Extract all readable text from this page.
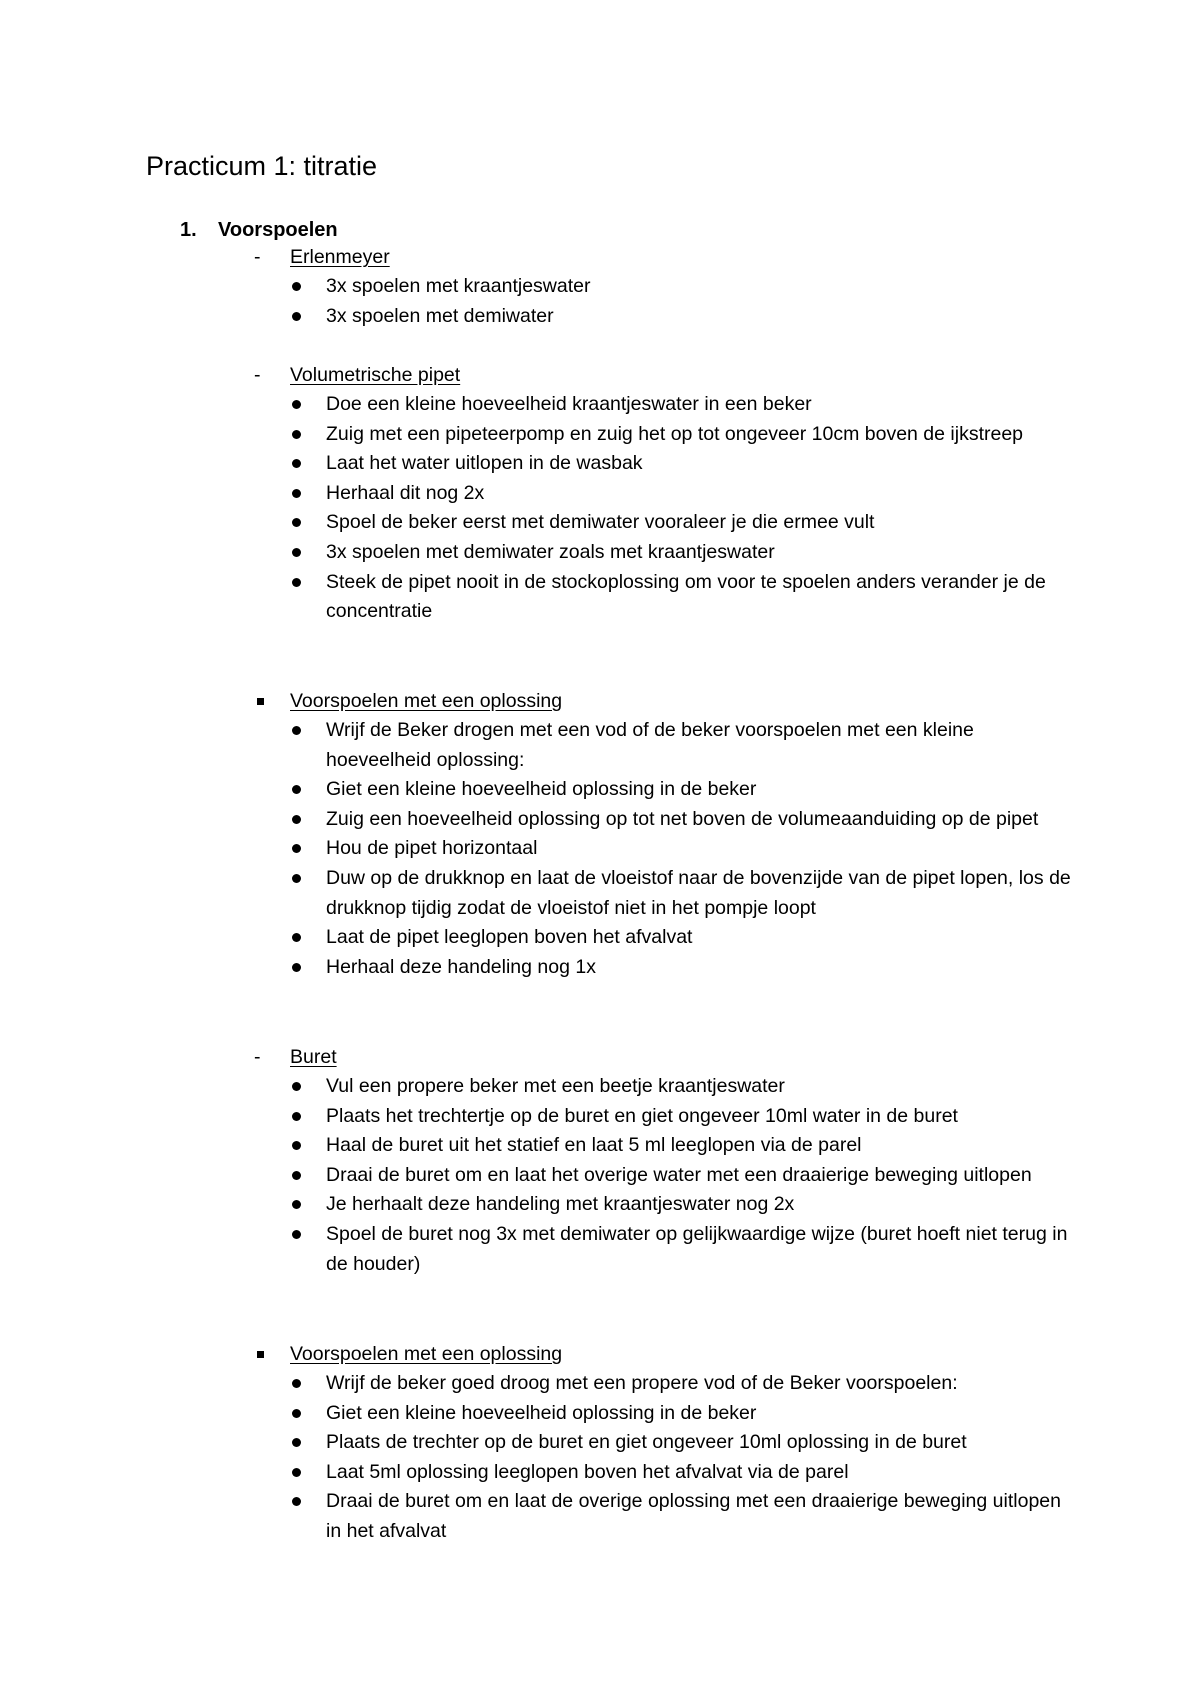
Practicum 1: titratie
1. Voorspoelen
-	Erlenmeyer
3x spoelen met kraantjeswater
3x spoelen met demiwater
-	Volumetrische pipet
Doe een kleine hoeveelheid kraantjeswater in een beker
Zuig met een pipeteerpomp en zuig het op tot ongeveer 10cm boven de ijkstreep
Laat het water uitlopen in de wasbak
Herhaal dit nog 2x
Spoel de beker eerst met demiwater vooraleer je die ermee vult
3x spoelen met demiwater zoals met kraantjeswater
Steek de pipet nooit in de stockoplossing om voor te spoelen anders verander je de concentratie
Voorspoelen met een oplossing
Wrijf de Beker drogen met een vod of de beker voorspoelen met een kleine hoeveelheid oplossing:
Giet een kleine hoeveelheid oplossing in de beker
Zuig een hoeveelheid oplossing op tot net boven de volumeaanduiding op de pipet
Hou de pipet horizontaal
Duw op de drukknop en laat de vloeistof naar de bovenzijde van de pipet lopen, los de drukknop tijdig zodat de vloeistof niet in het pompje loopt
Laat de pipet leeglopen boven het afvalvat
Herhaal deze handeling nog 1x
-	Buret
Vul een propere beker met een beetje kraantjeswater
Plaats het trechtertje op de buret en giet ongeveer 10ml water in de buret
Haal de buret uit het statief en laat 5 ml leeglopen via de parel
Draai de buret om en laat het overige water met een draaierige beweging uitlopen
Je herhaalt deze handeling met kraantjeswater nog 2x
Spoel de buret nog 3x met demiwater op gelijkwaardige wijze (buret hoeft niet terug in de houder)
Voorspoelen met een oplossing
Wrijf de beker goed droog met een propere vod of de Beker voorspoelen:
Giet een kleine hoeveelheid oplossing in de beker
Plaats de trechter op de buret en giet ongeveer 10ml oplossing in de buret
Laat 5ml oplossing leeglopen boven het afvalvat via de parel
Draai de buret om en laat de overige oplossing met een draaierige beweging uitlopen in het afvalvat
